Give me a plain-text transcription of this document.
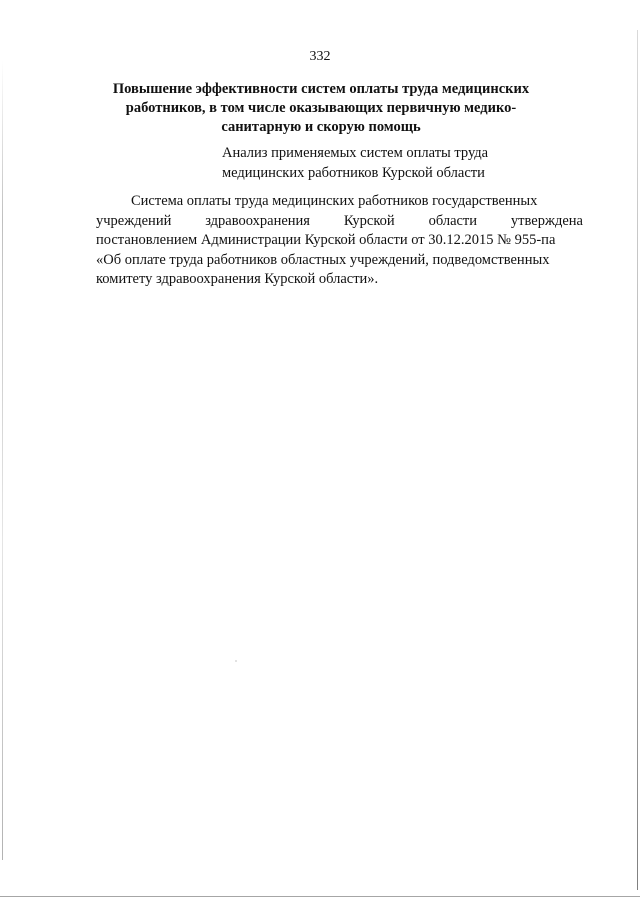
332
Повышение эффективности систем оплаты труда медицинских
работников, в том числе оказывающих первичную медико-
санитарную и скорую помощь
Анализ применяемых систем оплаты труда
медицинских работников Курской области
Система оплаты труда медицинских работников государственных
учреждений здравоохранения Курской области утверждена
постановлением Администрации Курской области от 30.12.2015 № 955-па
«Об оплате труда работников областных учреждений, подведомственных
комитету здравоохранения Курской области».
